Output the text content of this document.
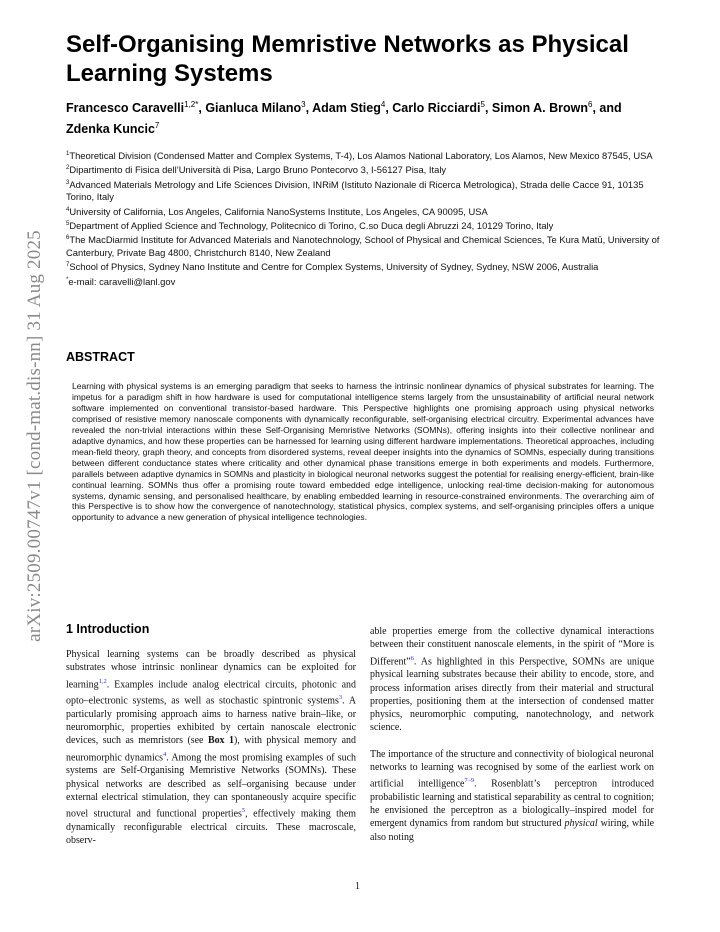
arXiv:2509.00747v1 [cond-mat.dis-nn] 31 Aug 2025
Self-Organising Memristive Networks as Physical Learning Systems

Francesco Caravelli$^{1,2*}$, Gianluca Milano$^3$, Adam Stieg$^4$, Carlo Ricciardi$^5$, Simon A. Brown$^6$, and Zdenka Kuncic$^7$

$^1$Theoretical Division (Condensed Matter and Complex Systems, T-4), Los Alamos National Laboratory, Los Alamos, New Mexico 87545, USA

$^2$Dipartimento di Fisica dell’Università di Pisa, Largo Bruno Pontecorvo 3, I-56127 Pisa, Italy

$^3$Advanced Materials Metrology and Life Sciences Division, INRiM (Istituto Nazionale di Ricerca Metrologica), Strada delle Cacce 91, 10135 Torino, Italy

$^4$University of California, Los Angeles, California NanoSystems Institute, Los Angeles, CA 90095, USA

$^5$Department of Applied Science and Technology, Politecnico di Torino, C.so Duca degli Abruzzi 24, 10129 Torino, Italy

$^6$The MacDiarmid Institute for Advanced Materials and Nanotechnology, School of Physical and Chemical Sciences, Te Kura Matū, University of Canterbury, Private Bag 4800, Christchurch 8140, New Zealand

$^7$School of Physics, Sydney Nano Institute and Centre for Complex Systems, University of Sydney, Sydney, NSW 2006, Australia

*e-mail: caravelli@lanl.gov

ABSTRACT

Learning with physical systems is an emerging paradigm that seeks to harness the intrinsic nonlinear dynamics of physical substrates for learning. The impetus for a paradigm shift in how hardware is used for computational intelligence stems largely from the unsustainability of artificial neural network software implemented on conventional transistor-based hardware. This Perspective highlights one promising approach using physical networks comprised of resistive memory nanoscale components with dynamically reconfigurable, self-organising electrical circuitry. Experimental advances have revealed the non-trivial interactions within these Self-Organising Memristive Networks (SOMNs), offering insights into their collective nonlinear and adaptive dynamics, and how these properties can be harnessed for learning using different hardware implementations. Theoretical approaches, including mean-field theory, graph theory, and concepts from disordered systems, reveal deeper insights into the dynamics of SOMNs, especially during transitions between different conductance states where criticality and other dynamical phase transitions emerge in both experiments and models. Furthermore, parallels between adaptive dynamics in SOMNs and plasticity in biological neuronal networks suggest the potential for realising energy-efficient, brain-like continual learning. SOMNs thus offer a promising route toward embedded edge intelligence, unlocking real-time decision-making for autonomous systems, dynamic sensing, and personalised healthcare, by enabling embedded learning in resource-constrained environments. The overarching aim of this Perspective is to show how the convergence of nanotechnology, statistical physics, complex systems, and self-organising principles offers a unique opportunity to advance a new generation of physical intelligence technologies.

1 Introduction

Physical learning systems can be broadly described as physical substrates whose intrinsic nonlinear dynamics can be exploited for learning$^{1,2}$. Examples include analog electrical circuits, photonic and opto–electronic systems, as well as stochastic spintronic systems$^3$. A particularly promising approach aims to harness native brain–like, or neuromorphic, properties exhibited by certain nanoscale electronic devices, such as memristors (see Box 1), with physical memory and neuromorphic dynamics$^4$. Among the most promising examples of such systems are Self-Organising Memristive Networks (SOMNs). These physical networks are described as self–organising because under external electrical stimulation, they can spontaneously acquire specific novel structural and functional properties$^5$, effectively making them dynamically reconfigurable electrical circuits. These macroscale, observ-

able properties emerge from the collective dynamical interactions between their constituent nanoscale elements, in the spirit of “More is Different”$^6$. As highlighted in this Perspective, SOMNs are unique physical learning substrates because their ability to encode, store, and process information arises directly from their material and structural properties, positioning them at the intersection of condensed matter physics, neuromorphic computing, nanotechnology, and network science.

The importance of the structure and connectivity of biological neuronal networks to learning was recognised by some of the earliest work on artificial intelligence$^{7-9}$. Rosenblatt’s perceptron introduced probabilistic learning and statistical separability as central to cognition; he envisioned the perceptron as a biologically–inspired model for emergent dynamics from random but structured physical wiring, while also noting

1
